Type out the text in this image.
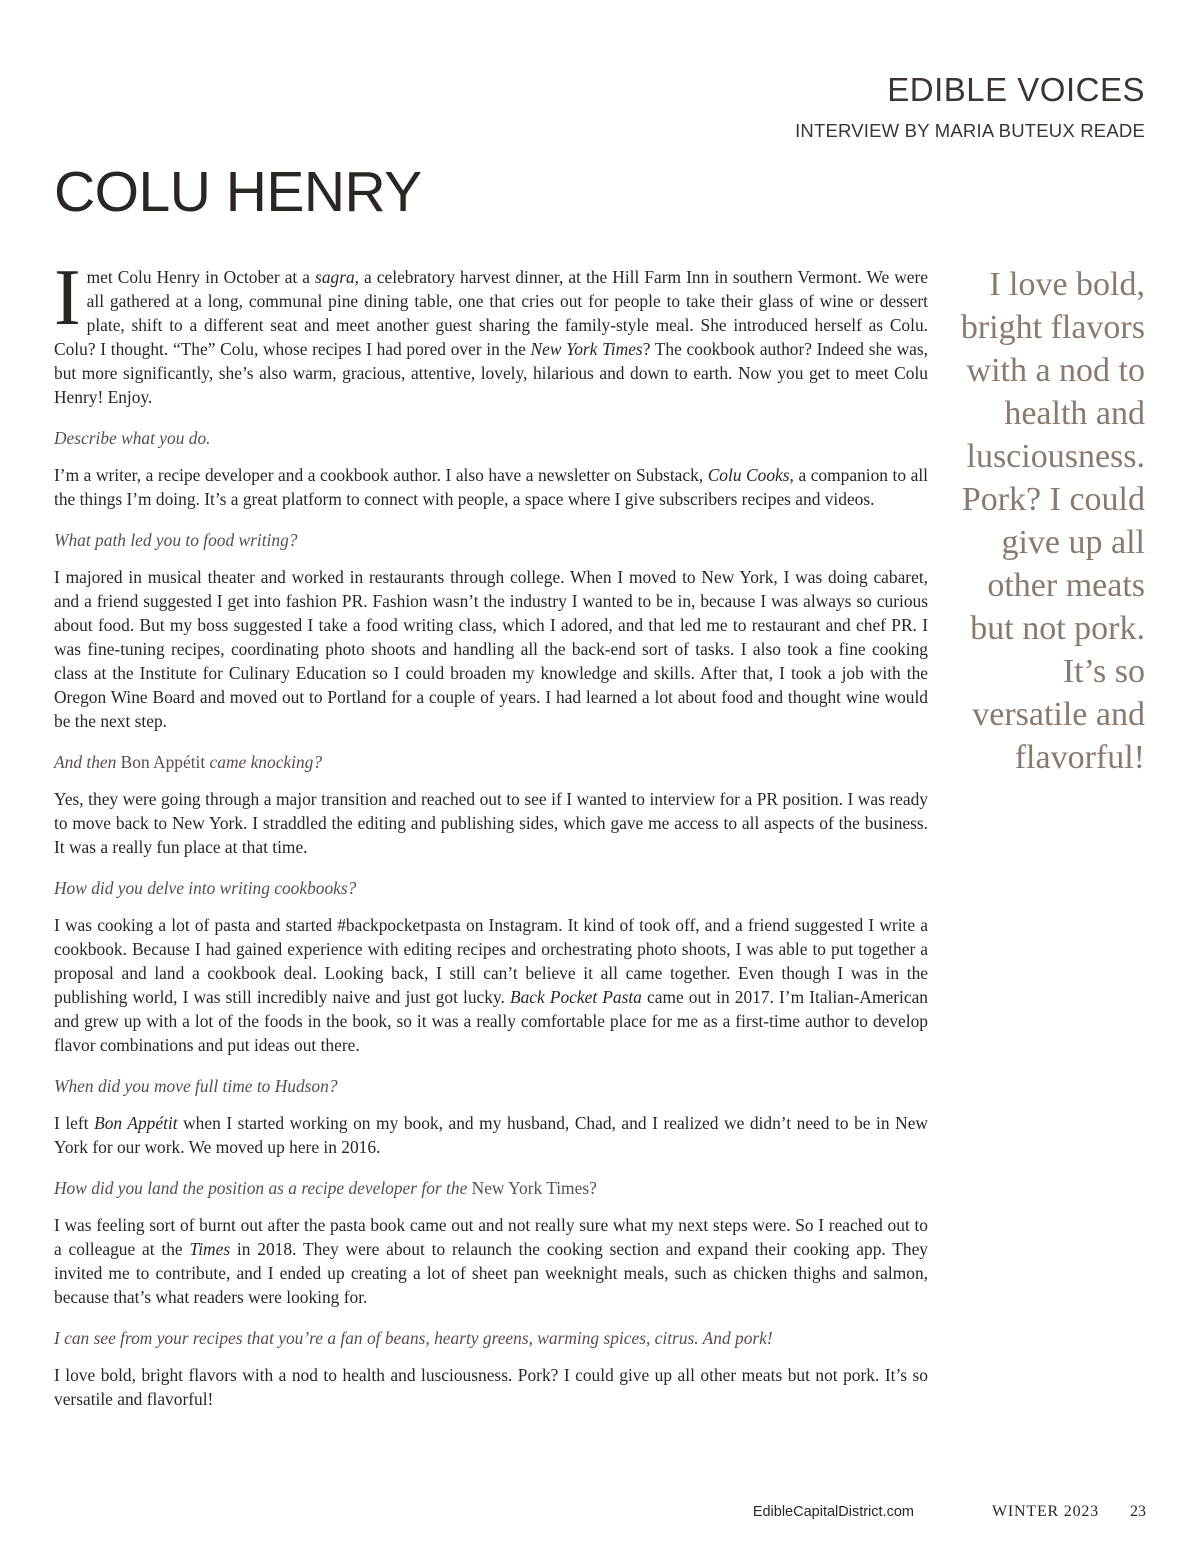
EDIBLE VOICES
INTERVIEW BY MARIA BUTEUX READE
COLU HENRY

Imet Colu Henry in October at a sagra, a celebratory harvest dinner, at the Hill Farm Inn in southern Vermont. We were all gathered at a long, communal pine dining table, one that cries out for people to take their glass of wine or dessert plate, shift to a different seat and meet another guest sharing the family-style meal. She introduced herself as Colu. Colu? I thought. “The” Colu, whose recipes I had pored over in the New York Times? The cookbook author? Indeed she was, but more significantly, she’s also warm, gracious, attentive, lovely, hilarious and down to earth. Now you get to meet Colu Henry! Enjoy.

Describe what you do.

I’m a writer, a recipe developer and a cookbook author. I also have a newsletter on Substack, Colu Cooks, a companion to all the things I’m doing. It’s a great platform to connect with people, a space where I give subscribers recipes and videos.

What path led you to food writing?

I majored in musical theater and worked in restaurants through college. When I moved to New York, I was doing cabaret, and a friend suggested I get into fashion PR. Fashion wasn’t the industry I wanted to be in, because I was always so curious about food. But my boss suggested I take a food writing class, which I adored, and that led me to restaurant and chef PR. I was fine-tuning recipes, coordinating photo shoots and handling all the back-end sort of tasks. I also took a fine cooking class at the Institute for Culinary Education so I could broaden my knowledge and skills. After that, I took a job with the Oregon Wine Board and moved out to Portland for a couple of years. I had learned a lot about food and thought wine would be the next step.

And then Bon Appétit came knocking?

Yes, they were going through a major transition and reached out to see if I wanted to interview for a PR position. I was ready to move back to New York. I straddled the editing and publishing sides, which gave me access to all aspects of the business. It was a really fun place at that time.

How did you delve into writing cookbooks?

I was cooking a lot of pasta and started #backpocketpasta on Instagram. It kind of took off, and a friend suggested I write a cookbook. Because I had gained experience with editing recipes and orchestrating photo shoots, I was able to put together a proposal and land a cookbook deal. Looking back, I still can’t believe it all came together. Even though I was in the publishing world, I was still incredibly naive and just got lucky. Back Pocket Pasta came out in 2017. I’m Italian-American and grew up with a lot of the foods in the book, so it was a really comfortable place for me as a first-time author to develop flavor combinations and put ideas out there.

When did you move full time to Hudson?

I left Bon Appétit when I started working on my book, and my husband, Chad, and I realized we didn’t need to be in New York for our work. We moved up here in 2016.

How did you land the position as a recipe developer for the New York Times?

I was feeling sort of burnt out after the pasta book came out and not really sure what my next steps were. So I reached out to a colleague at the Times in 2018. They were about to relaunch the cooking section and expand their cooking app. They invited me to contribute, and I ended up creating a lot of sheet pan weeknight meals, such as chicken thighs and salmon, because that’s what readers were looking for.

I can see from your recipes that you’re a fan of beans, hearty greens, warming spices, citrus. And pork!

I love bold, bright flavors with a nod to health and lusciousness. Pork? I could give up all other meats but not pork. It’s so versatile and flavorful!

I love bold, bright flavors with a nod to health and lusciousness. Pork? I could give up all other meats but not pork. It’s so versatile and flavorful!
EdibleCapitalDistrict.com	WINTER 2023 23
